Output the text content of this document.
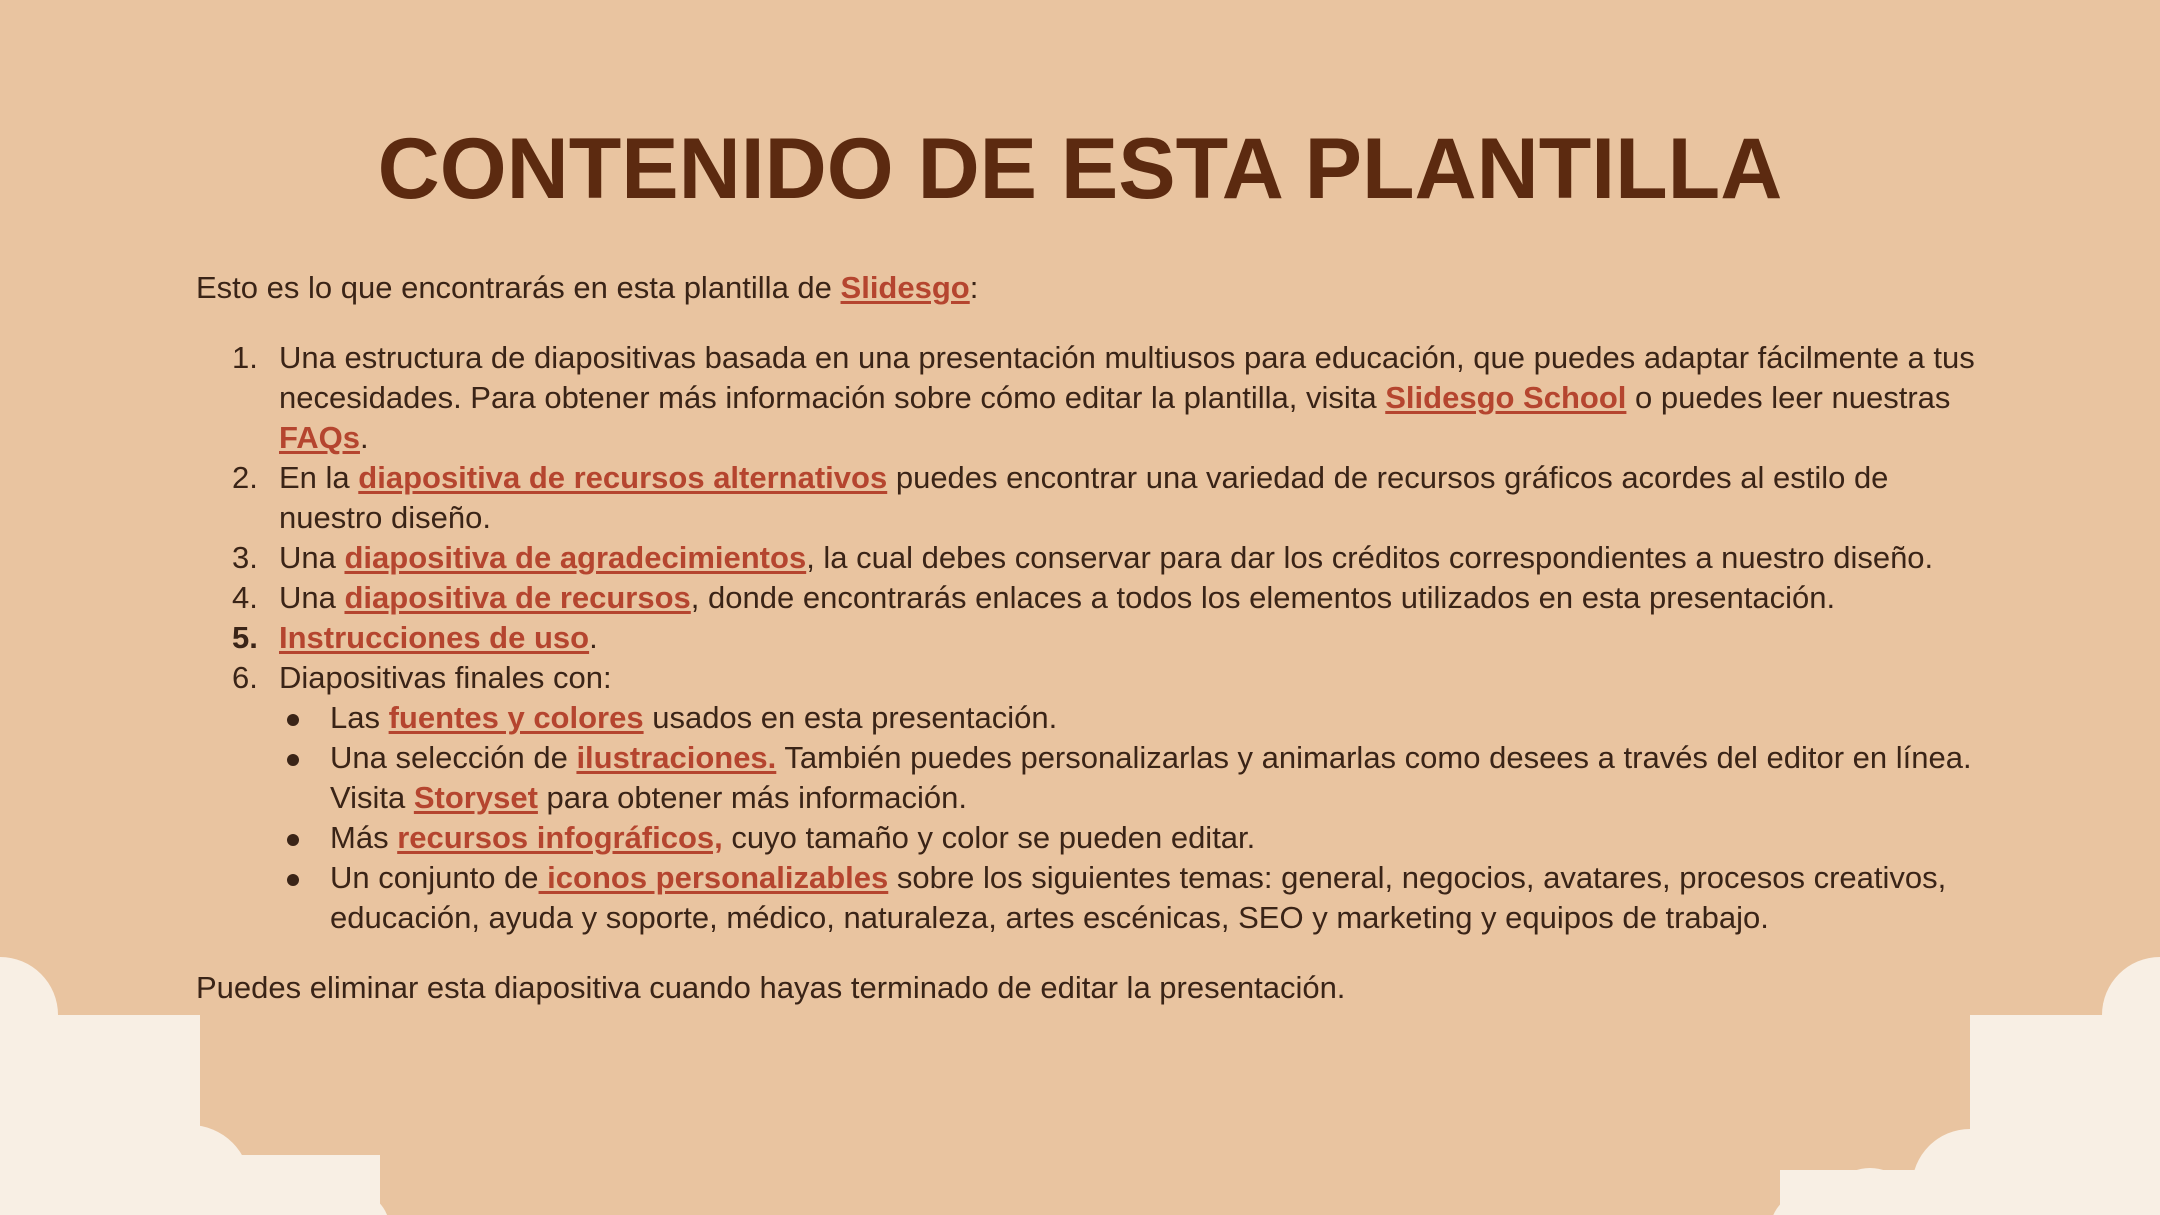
CONTENIDO DE ESTA PLANTILLA

Esto es lo que encontrarás en esta plantilla de Slidesgo:

1. Una estructura de diapositivas basada en una presentación multiusos para educación, que puedes adaptar fácilmente a tus necesidades. Para obtener más información sobre cómo editar la plantilla, visita Slidesgo School o puedes leer nuestras FAQs.
2. En la diapositiva de recursos alternativos puedes encontrar una variedad de recursos gráficos acordes al estilo de nuestro diseño.
3. Una diapositiva de agradecimientos, la cual debes conservar para dar los créditos correspondientes a nuestro diseño.
4. Una diapositiva de recursos, donde encontrarás enlaces a todos los elementos utilizados en esta presentación.
5. Instrucciones de uso.
6. Diapositivas finales con:
Las fuentes y colores usados en esta presentación.
Una selección de ilustraciones. También puedes personalizarlas y animarlas como desees a través del editor en línea. Visita Storyset para obtener más información.
Más recursos infográficos, cuyo tamaño y color se pueden editar.
Un conjunto de iconos personalizables sobre los siguientes temas: general, negocios, avatares, procesos creativos, educación, ayuda y soporte, médico, naturaleza, artes escénicas, SEO y marketing y equipos de trabajo.

Puedes eliminar esta diapositiva cuando hayas terminado de editar la presentación.
